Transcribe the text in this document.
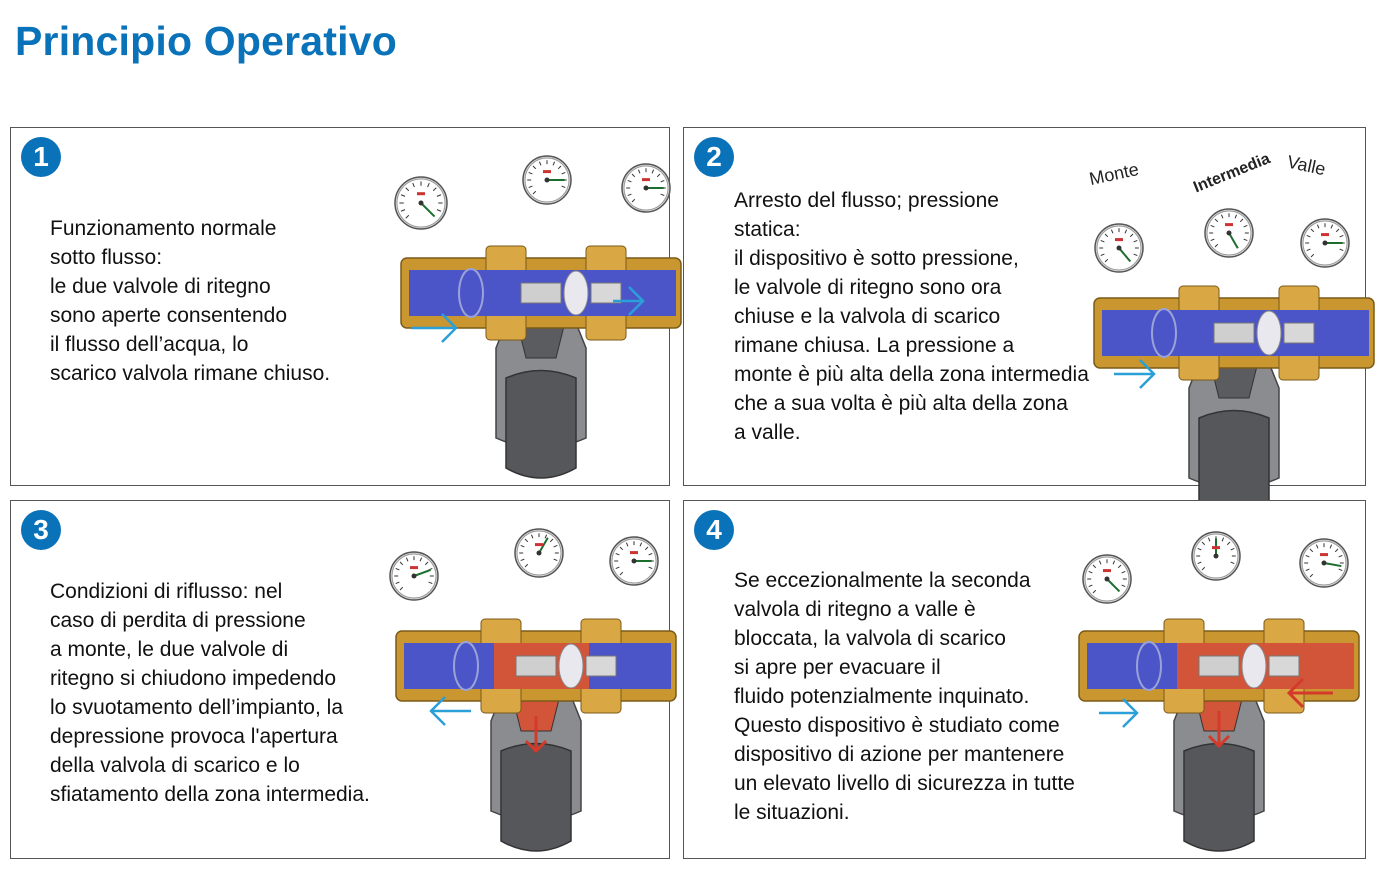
Principio Operativo
1
Funzionamento normale
sotto flusso:
le due valvole di ritegno
sono aperte consentendo
il flusso dell’acqua, lo
scarico valvola rimane chiuso.
2
Arresto del flusso; pressione
statica:
il dispositivo è sotto pressione,
le valvole di ritegno sono ora
chiuse e la valvola di scarico
rimane chiusa. La pressione a
monte è più alta della zona intermedia
che a sua volta è più alta della zona
a valle.
Monte	Intermedia Valle
3
Condizioni di riflusso: nel
caso di perdita di pressione
a monte, le due valvole di
ritegno si chiudono impedendo
lo svuotamento dell’impianto, la
depressione provoca l'apertura
della valvola di scarico e lo
sfiatamento della zona intermedia.
4
Se eccezionalmente la seconda
valvola di ritegno a valle è
bloccata, la valvola di scarico
si apre per evacuare il
fluido potenzialmente inquinato.
Questo dispositivo è studiato come
dispositivo di azione per mantenere
un elevato livello di sicurezza in tutte
le situazioni.
